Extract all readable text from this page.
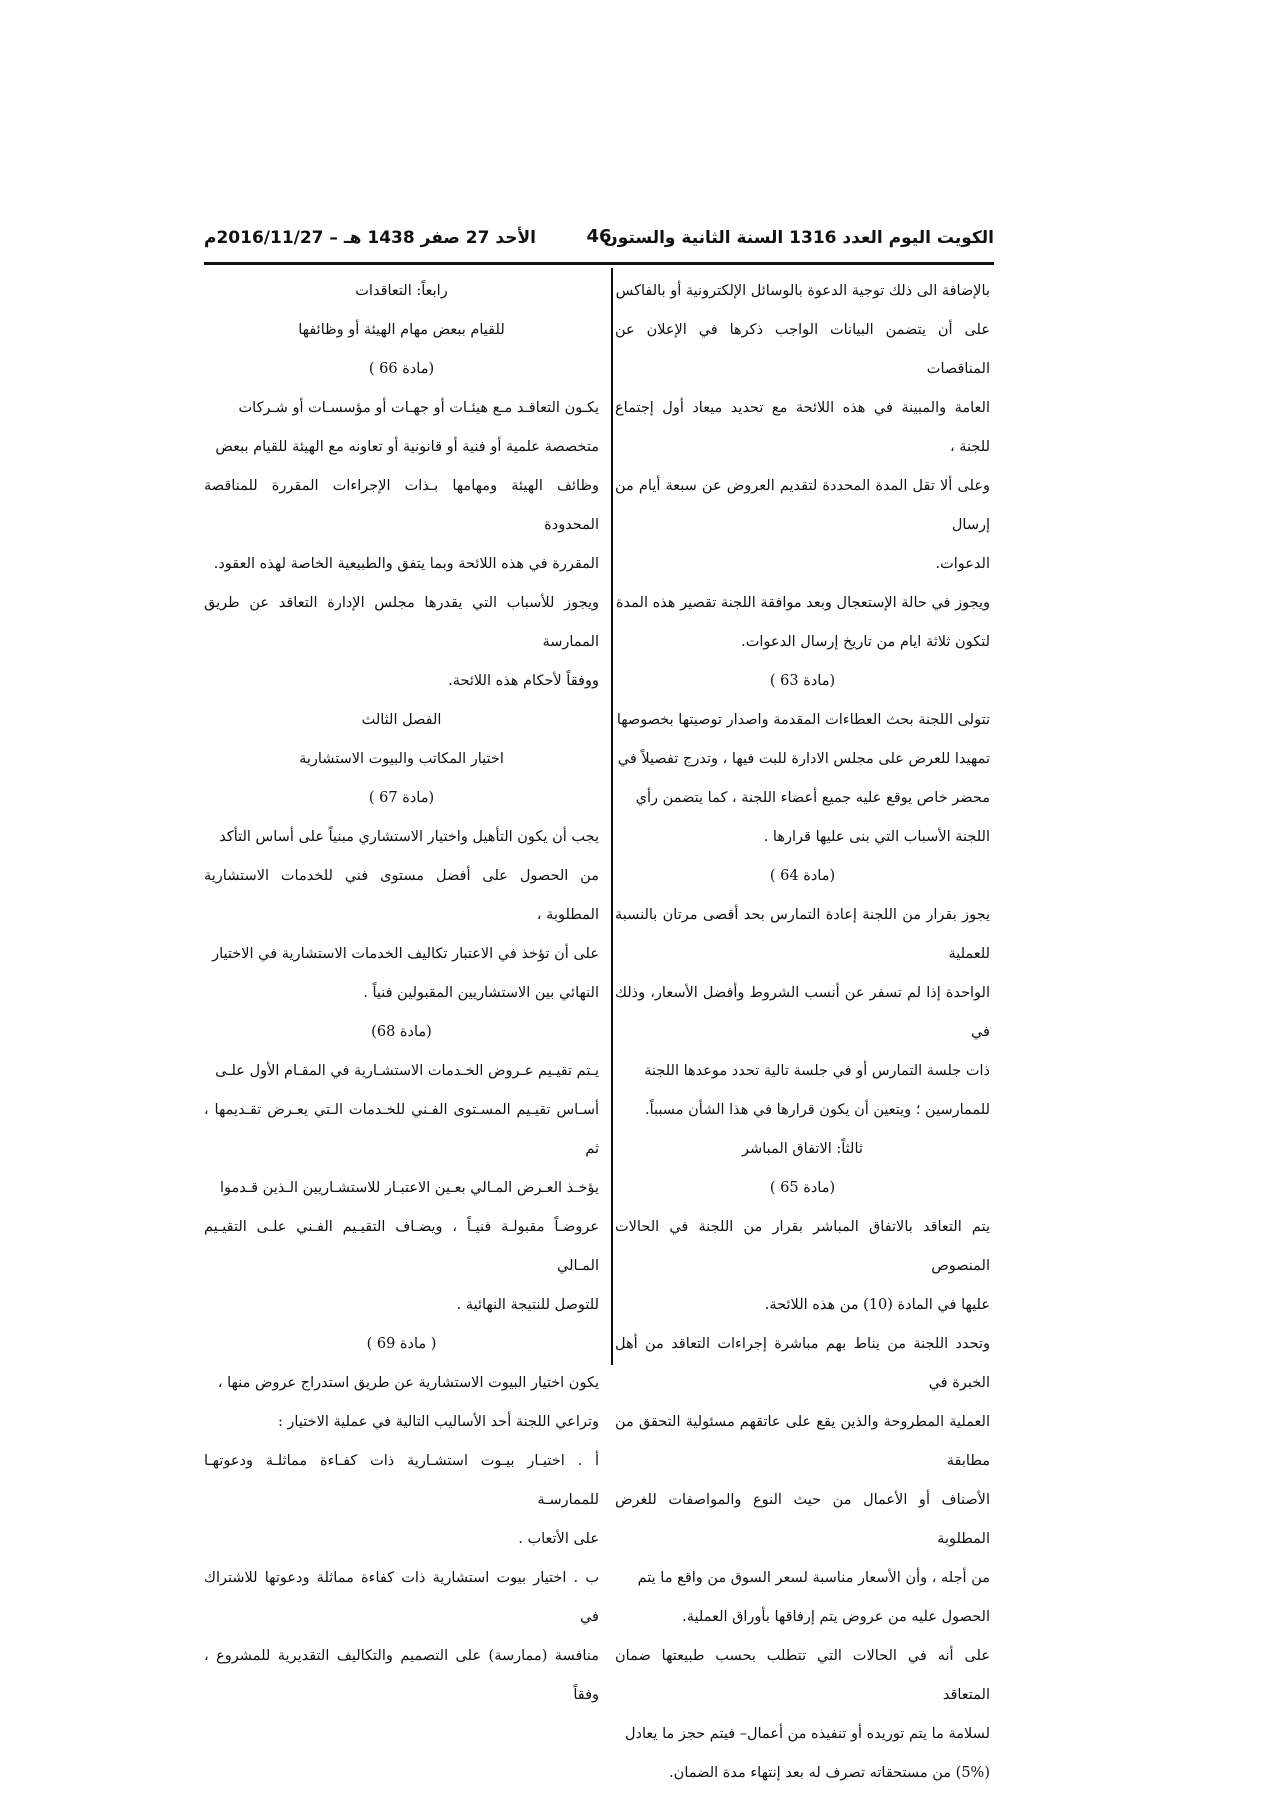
الكويت اليوم العدد 1316 السنة الثانية والستون
46
الأحد 27 صفر 1438 هـ – 2016/11/27م

بالإضافة الى ذلك توجية الدعوة بالوسائل الإلكترونية أو بالفاكس

على أن يتضمن البيانات الواجب ذكرها في الإعلان عن المناقصات

العامة والمبينة في هذه اللائحة مع تحديد ميعاد أول إجتماع للجنة ،

وعلى ألا تقل المدة المحددة لتقديم العروض عن سبعة أيام من إرسال

الدعوات.

ويجوز في حالة الإستعجال وبعد موافقة اللجنة تقصير هذه المدة

لتكون ثلاثة ايام من تاريخ إرسال الدعوات.

(مادة 63 )

تتولى اللجنة بحث العطاءات المقدمة واصدار توصيتها بخصوصها

تمهيدا للعرض على مجلس الادارة للبت فيها ، وتدرج تفصيلاً في

محضر خاص يوقع عليه جميع أعضاء اللجنة ، كما يتضمن رأي

اللجنة الأسباب التي بنى عليها قرارها .

(مادة 64 )

يجوز بقرار من اللجنة إعادة التمارس بحد أقصى مرتان بالنسبة للعملية

الواحدة إذا لم تسفر عن أنسب الشروط وأفضل الأسعار، وذلك في

ذات جلسة التمارس أو في جلسة تالية تحدد موعدها اللجنة

للممارسين ؛ ويتعين أن يكون قرارها في هذا الشأن مسبباً.

ثالثاً: الاتفاق المباشر

(مادة 65 )

يتم التعاقد بالاتفاق المباشر بقرار من اللجنة في الحالات المنصوص

عليها في المادة (10) من هذه اللائحة.

وتحدد اللجنة من يناط بهم مباشرة إجراءات التعاقد من أهل الخبرة في

العملية المطروحة والذين يقع على عاتقهم مسئولية التحقق من مطابقة

الأصناف أو الأعمال من حيث النوع والمواصفات للغرض المطلوبة

من أجله ، وأن الأسعار مناسبة لسعر السوق من واقع ما يتم

الحصول عليه من عروض يتم إرفاقها بأوراق العملية.

على أنه في الحالات التي تتطلب بحسب طبيعتها ضمان المتعاقد

لسلامة ما يتم توريده أو تنفيذه من أعمال– فيتم حجز ما يعادل

(5%) من مستحقاته تصرف له بعد إنتهاء مدة الضمان.

رابعاً: التعاقدات

للقيام ببعض مهام الهيئة أو وظائفها

(مادة 66 )

يكـون التعاقـد مـع هيئـات أو جهـات أو مؤسسـات أو شـركات

متخصصة علمية أو فنية أو قانونية أو تعاونه مع الهيئة للقيام ببعض

وظائف الهيئة ومهامها بـذات الإجراءات المقررة للمناقصة المحدودة

المقررة في هذه اللائحة وبما يتفق والطبيعية الخاصة لهذه العقود.

ويجوز للأسباب التي يقدرها مجلس الإدارة التعاقد عن طريق الممارسة

ووفقاً لأحكام هذه اللائحة.

الفصل الثالث

اختيار المكاتب والبيوت الاستشارية

(مادة 67 )

يجب أن يكون التأهيل واختيار الاستشاري مبنياً على أساس التأكد

من الحصول على أفضل مستوى فني للخدمات الاستشارية المطلوبة ،

على أن تؤخذ في الاعتبار تكاليف الخدمات الاستشارية في الاختيار

النهائي بين الاستشاريين المقبولين فنياً .

(مادة 68)

يـتم تقيـيم عـروض الخـدمات الاستشـارية في المقـام الأول علـى

أسـاس تقيـيم المسـتوى الفـني للخـدمات الـتي يعـرض تقـديمها ، ثم

يؤخـذ العـرض المـالي بعـين الاعتبـار للاستشـاريين الـذين قـدموا

عروضـاً مقبولـة فنيـاً ، ويضـاف التقيـيم الفـني علـى التقيـيم المـالي

للتوصل للنتيجة النهائية .

( مادة 69 )

يكون اختيار البيوت الاستشارية عن طريق استدراج عروض منها ،

وتراعي اللجنة أحد الأساليب التالية في عملية الاختيار :

أ . اختيـار بيـوت استشـارية ذات كفـاءة مماثلـة ودعوتهـا للممارسـة

على الأتعاب .

ب . اختيار بيوت استشارية ذات كفاءة مماثلة ودعوتها للاشتراك في

منافسة (ممارسة) على التصميم والتكاليف التقديرية للمشروع ، وفقاً
